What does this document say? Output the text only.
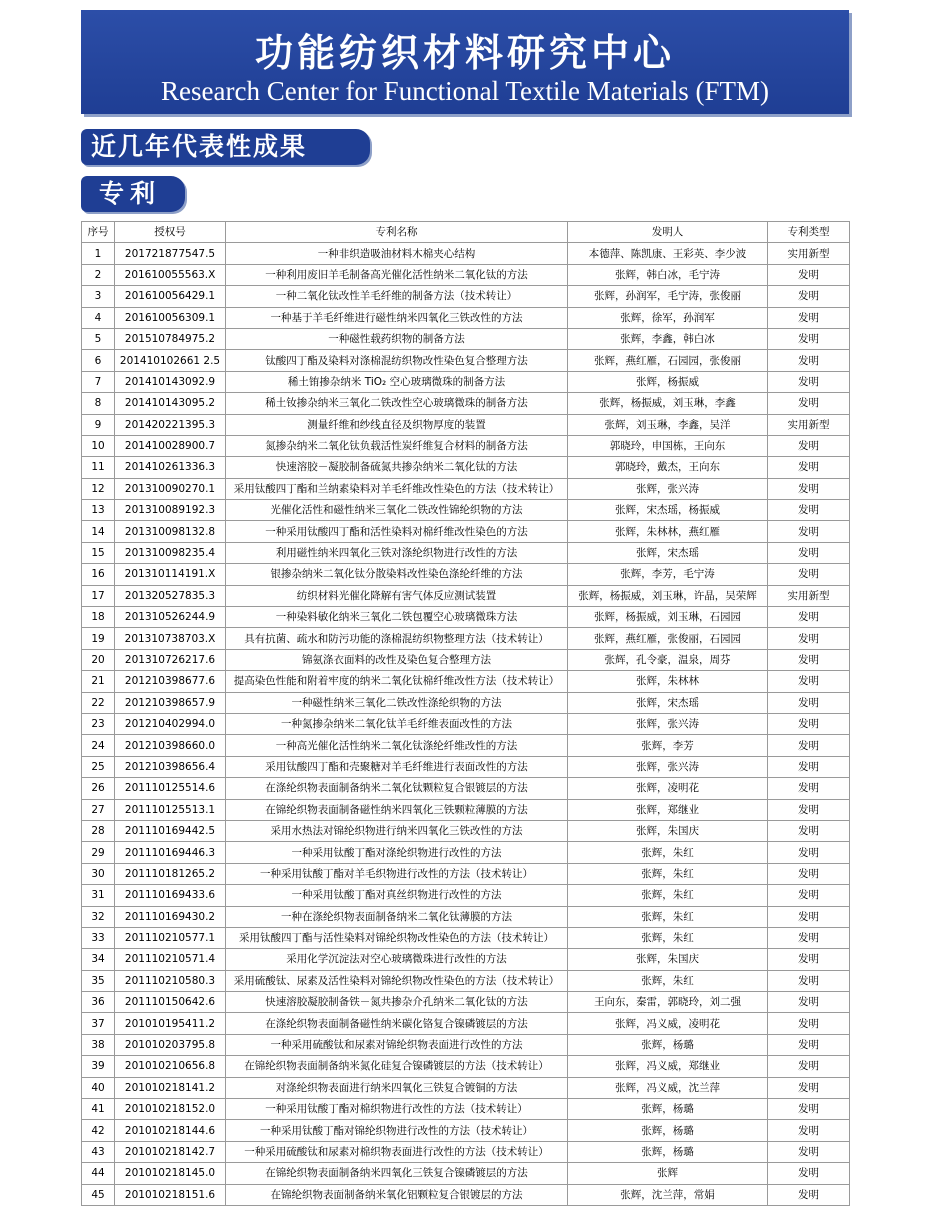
功能纺织材料研究中心
Research Center for Functional Textile Materials (FTM)
近几年代表性成果
专利
序号	授权号	专利名称	发明人	专利类型
1	201721877547.5	一种非织造吸油材料木棉夹心结构	本德萍、陈凯康、王彩英、李少波	实用新型
2	201610055563.X	一种利用废旧羊毛制备高光催化活性纳米二氧化钛的方法	张辉，韩白冰，毛宁涛	发明
3	201610056429.1	一种二氧化钛改性羊毛纤维的制备方法（技术转让）	张辉，孙润军，毛宁涛，张俊丽	发明
4	201610056309.1	一种基于羊毛纤维进行磁性纳米四氧化三铁改性的方法	张辉，徐军，孙润军	发明
5	201510784975.2	一种磁性载药织物的制备方法	张辉，李鑫，韩白冰	发明
6	201410102661 2.5	钛酸四丁酯及染料对涤棉混纺织物改性染色复合整理方法	张辉，燕红雁，石园园，张俊丽	发明
7	201410143092.9	稀土铕掺杂纳米 TiO₂ 空心玻璃微珠的制备方法	张辉，杨振威	发明
8	201410143095.2	稀土钕掺杂纳米三氧化二铁改性空心玻璃微珠的制备方法	张辉，杨振威，刘玉琳，李鑫	发明
9	201420221395.3	测量纤维和纱线直径及织物厚度的装置	张辉，刘玉琳，李鑫，吴洋	实用新型
10	201410028900.7	氮掺杂纳米二氧化钛负载活性炭纤维复合材料的制备方法	郭晓玲，申国栋，王向东	发明
11	201410261336.3	快速溶胶－凝胶制备硫氮共掺杂纳米二氧化钛的方法	郭晓玲，戴杰，王向东	发明
12	201310090270.1	采用钛酸四丁酯和兰纳素染料对羊毛纤维改性染色的方法（技术转让）	张辉，张兴涛	发明
13	201310089192.3	光催化活性和磁性纳米三氧化二铁改性锦纶织物的方法	张辉，宋杰瑶，杨振威	发明
14	201310098132.8	一种采用钛酸四丁酯和活性染料对棉纤维改性染色的方法	张辉，朱林林，燕红雁	发明
15	201310098235.4	利用磁性纳米四氧化三铁对涤纶织物进行改性的方法	张辉，宋杰瑶	发明
16	201310114191.X	银掺杂纳米二氧化钛分散染料改性染色涤纶纤维的方法	张辉，李芳，毛宁涛	发明
17	201320527835.3	纺织材料光催化降解有害气体反应测试装置	张辉，杨振威，刘玉琳，许晶，吴荣辉	实用新型
18	201310526244.9	一种染料敏化纳米三氧化二铁包覆空心玻璃微珠方法	张辉，杨振威，刘玉琳，石园园	发明
19	201310738703.X	具有抗菌、疏水和防污功能的涤棉混纺织物整理方法（技术转让）	张辉，燕红雁，张俊丽，石园园	发明
20	201310726217.6	锦氨涤衣面料的改性及染色复合整理方法	张辉，孔令豪，温泉，周芬	发明
21	201210398677.6	提高染色性能和附着牢度的纳米二氧化钛棉纤维改性方法（技术转让）	张辉，朱林林	发明
22	201210398657.9	一种磁性纳米三氧化二铁改性涤纶织物的方法	张辉，宋杰瑶	发明
23	201210402994.0	一种氮掺杂纳米二氧化钛羊毛纤维表面改性的方法	张辉，张兴涛	发明
24	201210398660.0	一种高光催化活性纳米二氧化钛涤纶纤维改性的方法	张辉，李芳	发明
25	201210398656.4	采用钛酸四丁酯和壳聚糖对羊毛纤维进行表面改性的方法	张辉，张兴涛	发明
26	201110125514.6	在涤纶织物表面制备纳米二氧化钛颗粒复合银镀层的方法	张辉，凌明花	发明
27	201110125513.1	在锦纶织物表面制备磁性纳米四氧化三铁颗粒薄膜的方法	张辉，郑继业	发明
28	201110169442.5	采用水热法对锦纶织物进行纳米四氧化三铁改性的方法	张辉，朱国庆	发明
29	201110169446.3	一种采用钛酸丁酯对涤纶织物进行改性的方法	张辉，朱红	发明
30	201110181265.2	一种采用钛酸丁酯对羊毛织物进行改性的方法（技术转让）	张辉，朱红	发明
31	201110169433.6	一种采用钛酸丁酯对真丝织物进行改性的方法	张辉，朱红	发明
32	201110169430.2	一种在涤纶织物表面制备纳米二氧化钛薄膜的方法	张辉，朱红	发明
33	201110210577.1	采用钛酸四丁酯与活性染料对锦纶织物改性染色的方法（技术转让）	张辉，朱红	发明
34	201110210571.4	采用化学沉淀法对空心玻璃微珠进行改性的方法	张辉，朱国庆	发明
35	201110210580.3	采用硫酸钛、尿素及活性染料对锦纶织物改性染色的方法（技术转让）	张辉，朱红	发明
36	201110150642.6	快速溶胶凝胶制备铁－氮共掺杂介孔纳米二氧化钛的方法	王向东，秦雷，郭晓玲，刘二强	发明
37	201010195411.2	在涤纶织物表面制备磁性纳米碳化铬复合镍磷镀层的方法	张辉，冯义威，凌明花	发明
38	201010203795.8	一种采用硫酸钛和尿素对锦纶织物表面进行改性的方法	张辉，杨璐	发明
39	201010210656.8	在锦纶织物表面制备纳米氮化硅复合镍磷镀层的方法（技术转让）	张辉，冯义威，郑继业	发明
40	201010218141.2	对涤纶织物表面进行纳米四氧化三铁复合镀铜的方法	张辉，冯义威，沈兰萍	发明
41	201010218152.0	一种采用钛酸丁酯对棉织物进行改性的方法（技术转让）	张辉，杨璐	发明
42	201010218144.6	一种采用钛酸丁酯对锦纶织物进行改性的方法（技术转让）	张辉，杨璐	发明
43	201010218142.7	一种采用硫酸钛和尿素对棉织物表面进行改性的方法（技术转让）	张辉，杨璐	发明
44	201010218145.0	在锦纶织物表面制备纳米四氧化三铁复合镍磷镀层的方法	张辉	发明
45	201010218151.6	在锦纶织物表面制备纳米氧化铝颗粒复合银镀层的方法	张辉，沈兰萍，常娟	发明
